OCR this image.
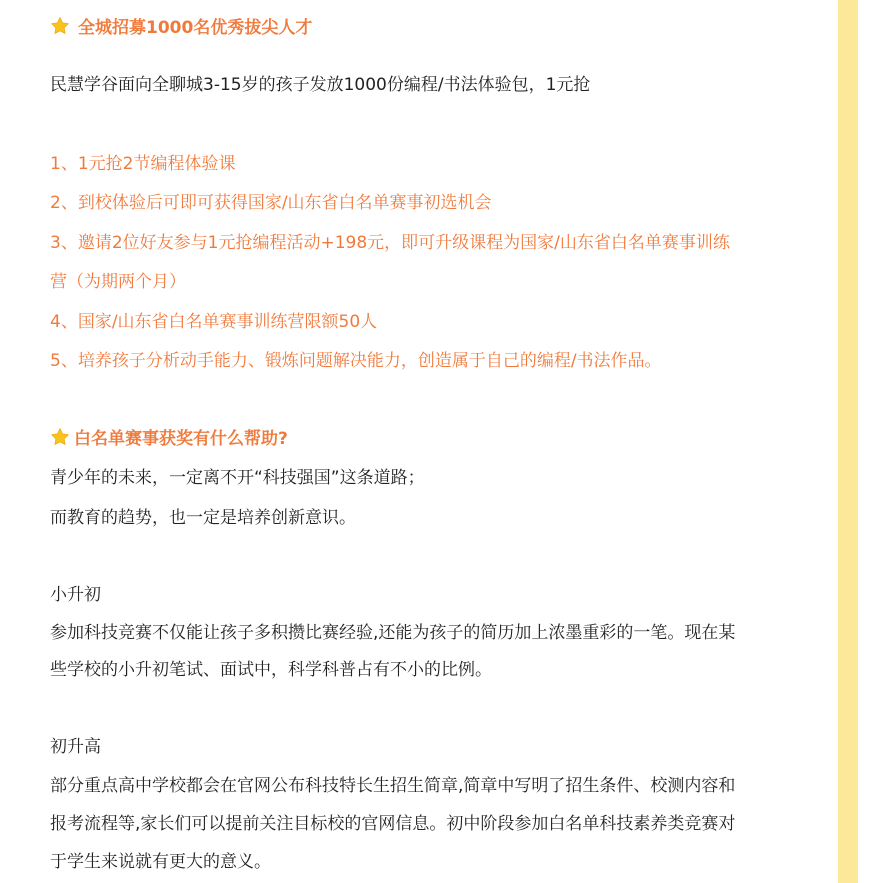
全城招募1000名优秀拔尖人才
民慧学谷面向全聊城3-15岁的孩子发放1000份编程/书法体验包，1元抢
1、1元抢2节编程体验课
2、到校体验后可即可获得国家/山东省白名单赛事初选机会
3、邀请2位好友参与1元抢编程活动+198元，即可升级课程为国家/山东省白名单赛事训练
营（为期两个月）
4、国家/山东省白名单赛事训练营限额50人
5、培养孩子分析动手能力、锻炼问题解决能力，创造属于自己的编程/书法作品。
白名单赛事获奖有什么帮助?
青少年的未来，一定离不开“科技强国”这条道路；
而教育的趋势，也一定是培养创新意识。
小升初
参加科技竞赛不仅能让孩子多积攒比赛经验,还能为孩子的简历加上浓墨重彩的一笔。现在某
些学校的小升初笔试、面试中，科学科普占有不小的比例。
初升高
部分重点高中学校都会在官网公布科技特长生招生简章,简章中写明了招生条件、校测内容和
报考流程等,家长们可以提前关注目标校的官网信息。初中阶段参加白名单科技素养类竞赛对
于学生来说就有更大的意义。
